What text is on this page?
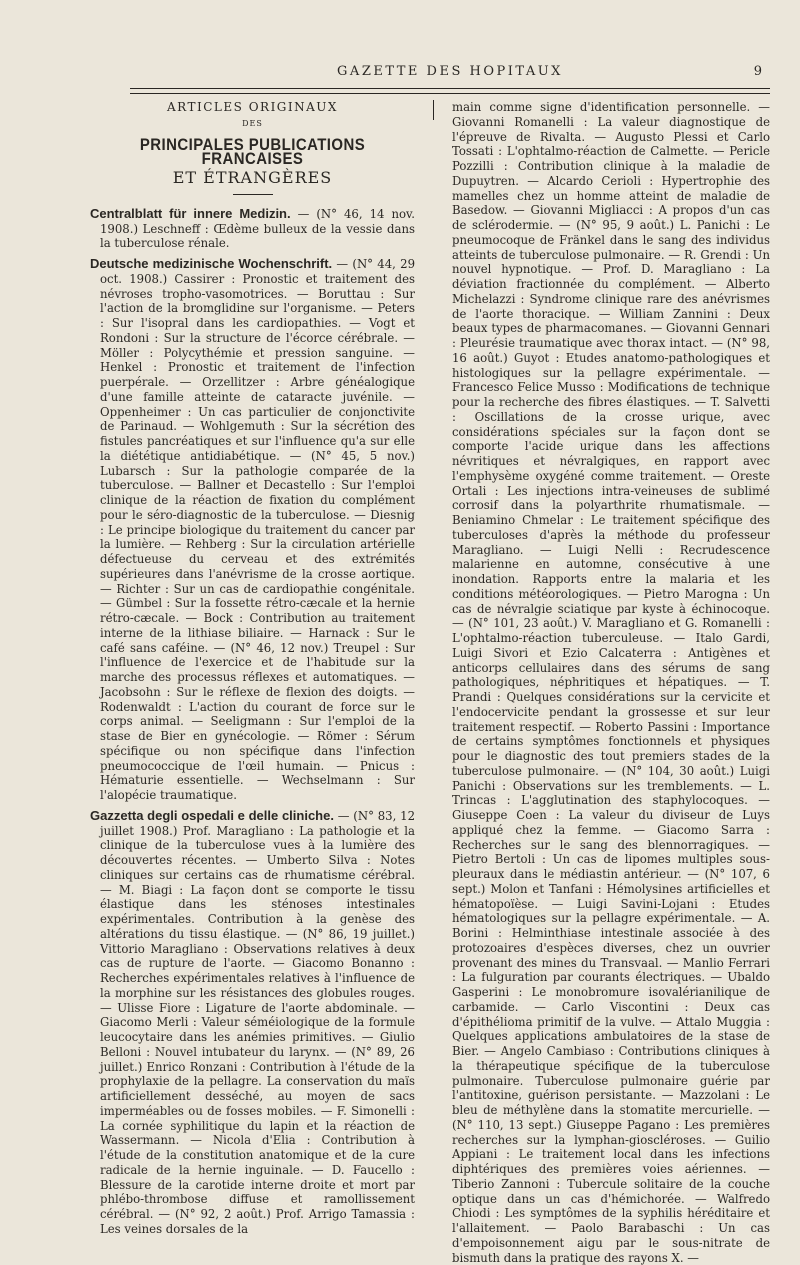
GAZETTE DES HOPITAUX	9

ARTICLES ORIGINAUX

DES

PRINCIPALES PUBLICATIONS FRANCAISES

ET ÉTRANGÈRES

Centralblatt für innere Medizin. — (N° 46, 14 nov. 1908.) Leschneff : Œdème bulleux de la vessie dans la tuberculose rénale.

Deutsche medizinische Wochenschrift. — (N° 44, 29 oct. 1908.) Cassirer : Pronostic et traitement des névroses tropho-vasomotrices. — Boruttau : Sur l'action de la bromglidine sur l'organisme. — Peters : Sur l'isopral dans les cardiopathies. — Vogt et Rondoni : Sur la structure de l'écorce cérébrale. — Möller : Polycythémie et pression sanguine. — Henkel : Pronostic et traitement de l'infection puerpérale. — Orzellitzer : Arbre généalogique d'une famille atteinte de cataracte juvénile. — Oppenheimer : Un cas particulier de conjonctivite de Parinaud. — Wohlgemuth : Sur la sécrétion des fistules pancréatiques et sur l'influence qu'a sur elle la diététique antidiabétique. — (N° 45, 5 nov.) Lubarsch : Sur la pathologie comparée de la tuberculose. — Ballner et Decastello : Sur l'emploi clinique de la réaction de fixation du complément pour le séro-diagnostic de la tuberculose. — Diesnig : Le principe biologique du traitement du cancer par la lumière. — Rehberg : Sur la circulation artérielle défectueuse du cerveau et des extrémités supérieures dans l'anévrisme de la crosse aortique. — Richter : Sur un cas de cardiopathie congénitale. — Gümbel : Sur la fossette rétro-cæcale et la hernie rétro-cæcale. — Bock : Contribution au traitement interne de la lithiase biliaire. — Harnack : Sur le café sans caféine. — (N° 46, 12 nov.) Treupel : Sur l'influence de l'exercice et de l'habitude sur la marche des processus réflexes et automatiques. — Jacobsohn : Sur le réflexe de flexion des doigts. — Rodenwaldt : L'action du courant de force sur le corps animal. — Seeligmann : Sur l'emploi de la stase de Bier en gynécologie. — Römer : Sérum spécifique ou non spécifique dans l'infection pneumococcique de l'œil humain. — Pnicus : Hématurie essentielle. — Wechselmann : Sur l'alopécie traumatique.

Gazzetta degli ospedali e delle cliniche. — (N° 83, 12 juillet 1908.) Prof. Maragliano : La pathologie et la clinique de la tuberculose vues à la lumière des découvertes récentes. — Umberto Silva : Notes cliniques sur certains cas de rhumatisme cérébral. — M. Biagi : La façon dont se comporte le tissu élastique dans les sténoses intestinales expérimentales. Contribution à la genèse des altérations du tissu élastique. — (N° 86, 19 juillet.) Vittorio Maragliano : Observations relatives à deux cas de rupture de l'aorte. — Giacomo Bonanno : Recherches expérimentales relatives à l'influence de la morphine sur les résistances des globules rouges. — Ulisse Fiore : Ligature de l'aorte abdominale. — Giacomo Merli : Valeur séméiologique de la formule leucocytaire dans les anémies primitives. — Giulio Belloni : Nouvel intubateur du larynx. — (N° 89, 26 juillet.) Enrico Ronzani : Contribution à l'étude de la prophylaxie de la pellagre. La conservation du maïs artificiellement desséché, au moyen de sacs imperméables ou de fosses mobiles. — F. Simonelli : La cornée syphilitique du lapin et la réaction de Wassermann. — Nicola d'Elia : Contribution à l'étude de la constitution anatomique et de la cure radicale de la hernie inguinale. — D. Faucello : Blessure de la carotide interne droite et mort par phlébo-thrombose diffuse et ramollissement cérébral. — (N° 92, 2 août.) Prof. Arrigo Tamassia : Les veines dorsales de la

main comme signe d'identification personnelle. — Giovanni Romanelli : La valeur diagnostique de l'épreuve de Rivalta. — Augusto Plessi et Carlo Tossati : L'ophtalmo-réaction de Calmette. — Pericle Pozzilli : Contribution clinique à la maladie de Dupuytren. — Alcardo Cerioli : Hypertrophie des mamelles chez un homme atteint de maladie de Basedow. — Giovanni Migliacci : A propos d'un cas de sclérodermie. — (N° 95, 9 août.) L. Panichi : Le pneumocoque de Fränkel dans le sang des individus atteints de tuberculose pulmonaire. — R. Grendi : Un nouvel hypnotique. — Prof. D. Maragliano : La déviation fractionnée du complément. — Alberto Michelazzi : Syndrome clinique rare des anévrismes de l'aorte thoracique. — William Zannini : Deux beaux types de pharmacomanes. — Giovanni Gennari : Pleurésie traumatique avec thorax intact. — (N° 98, 16 août.) Guyot : Etudes anatomo-pathologiques et histologiques sur la pellagre expérimentale. — Francesco Felice Musso : Modifications de technique pour la recherche des fibres élastiques. — T. Salvetti : Oscillations de la crosse urique, avec considérations spéciales sur la façon dont se comporte l'acide urique dans les affections névritiques et névralgiques, en rapport avec l'emphysème oxygéné comme traitement. — Oreste Ortali : Les injections intra-veineuses de sublimé corrosif dans la polyarthrite rhumatismale. — Beniamino Chmelar : Le traitement spécifique des tuberculoses d'après la méthode du professeur Maragliano. — Luigi Nelli : Recrudescence malarienne en automne, consécutive à une inondation. Rapports entre la malaria et les conditions météorologiques. — Pietro Marogna : Un cas de névralgie sciatique par kyste à échinocoque. — (N° 101, 23 août.) V. Maragliano et G. Romanelli : L'ophtalmo-réaction tuberculeuse. — Italo Gardi, Luigi Sivori et Ezio Calcaterra : Antigènes et anticorps cellulaires dans des sérums de sang pathologiques, néphritiques et hépatiques. — T. Prandi : Quelques considérations sur la cervicite et l'endocervicite pendant la grossesse et sur leur traitement respectif. — Roberto Passini : Importance de certains symptômes fonctionnels et physiques pour le diagnostic des tout premiers stades de la tuberculose pulmonaire. — (N° 104, 30 août.) Luigi Panichi : Observations sur les tremblements. — L. Trincas : L'agglutination des staphylocoques. — Giuseppe Coen : La valeur du diviseur de Luys appliqué chez la femme. — Giacomo Sarra : Recherches sur le sang des blennorragiques. — Pietro Bertoli : Un cas de lipomes multiples sous-pleuraux dans le médiastin antérieur. — (N° 107, 6 sept.) Molon et Tanfani : Hémolysines artificielles et hématopoïèse. — Luigi Savini-Lojani : Etudes hématologiques sur la pellagre expérimentale. — A. Borini : Helminthiase intestinale associée à des protozoaires d'espèces diverses, chez un ouvrier provenant des mines du Transvaal. — Manlio Ferrari : La fulguration par courants électriques. — Ubaldo Gasperini : Le monobromure isovalérianilique de carbamide. — Carlo Viscontini : Deux cas d'épithélioma primitif de la vulve. — Attalo Muggia : Quelques applications ambulatoires de la stase de Bier. — Angelo Cambiaso : Contributions cliniques à la thérapeutique spécifique de la tuberculose pulmonaire. Tuberculose pulmonaire guérie par l'antitoxine, guérison persistante. — Mazzolani : Le bleu de méthylène dans la stomatite mercurielle. — (N° 110, 13 sept.) Giuseppe Pagano : Les premières recherches sur la lymphan-gioscléroses. — Guilio Appiani : Le traitement local dans les infections diphtériques des premières voies aériennes. — Tiberio Zannoni : Tubercule solitaire de la couche optique dans un cas d'hémichorée. — Walfredo Chiodi : Les symptômes de la syphilis héréditaire et l'allaitement. — Paolo Barabaschi : Un cas d'empoisonnement aigu par le sous-nitrate de bismuth dans la pratique des rayons X. —
